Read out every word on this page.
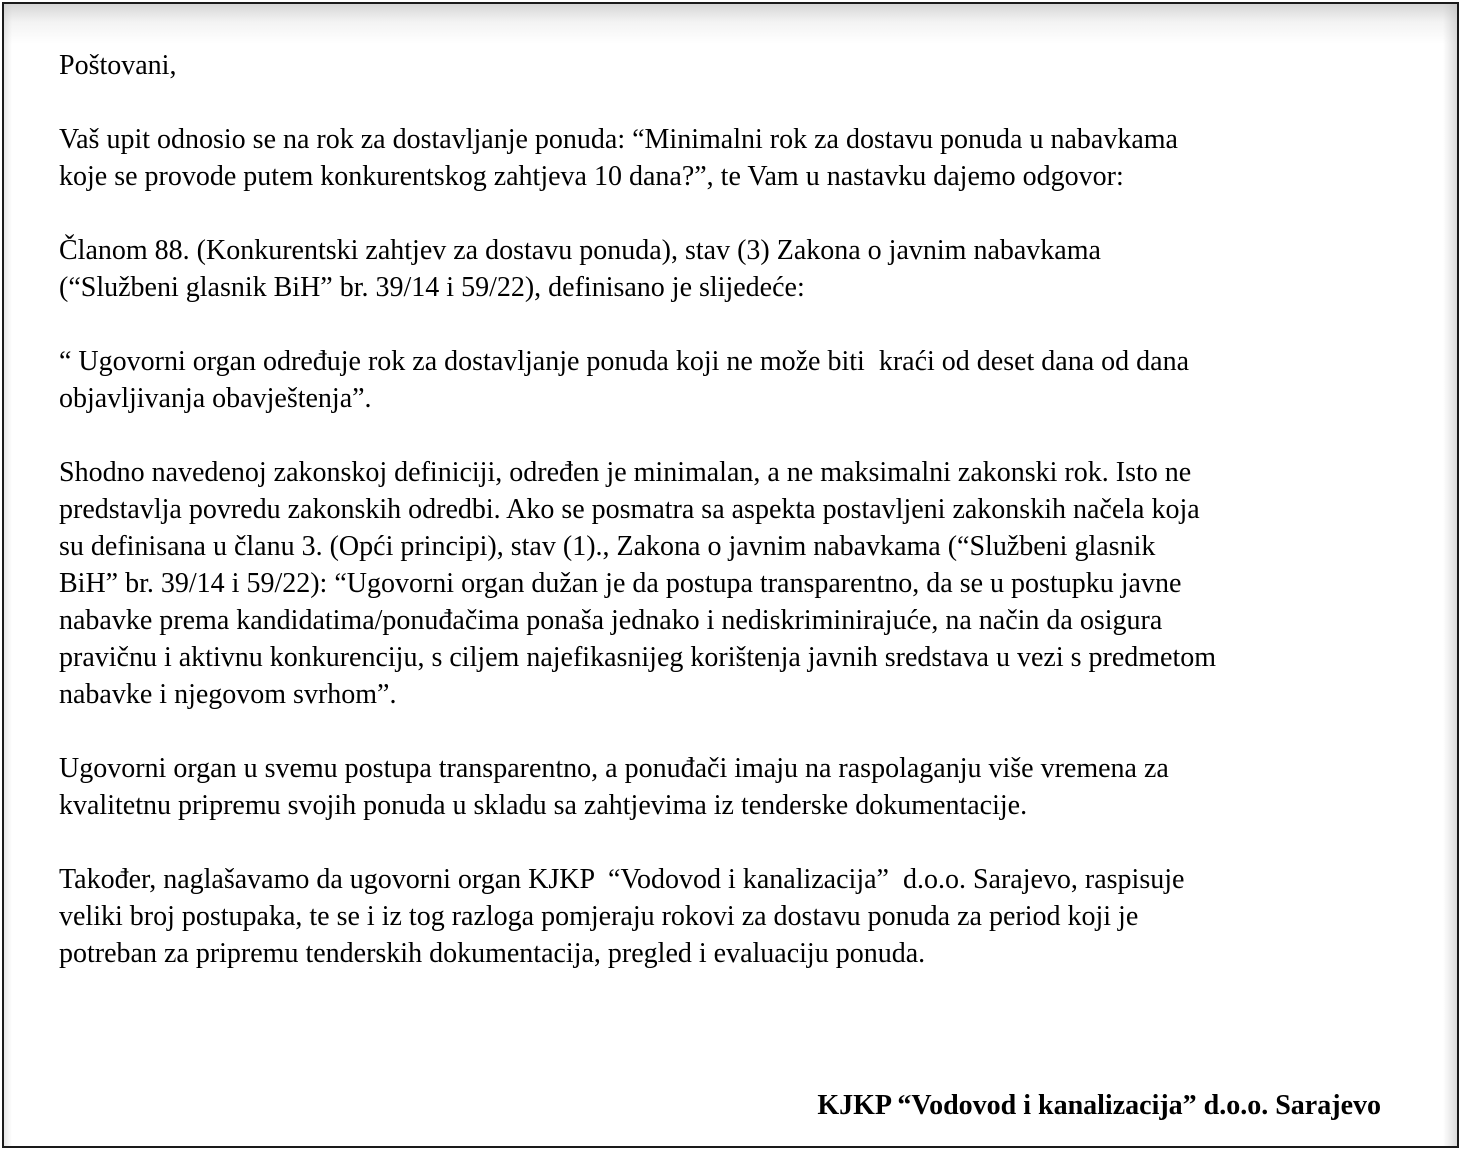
Poštovani,

Vaš upit odnosio se na rok za dostavljanje ponuda: “Minimalni rok za dostavu ponuda u nabavkama
koje se provode putem konkurentskog zahtjeva 10 dana?”, te Vam u nastavku dajemo odgovor:

Članom 88. (Konkurentski zahtjev za dostavu ponuda), stav (3) Zakona o javnim nabavkama
(“Službeni glasnik BiH” br. 39/14 i 59/22), definisano je slijedeće:

“ Ugovorni organ određuje rok za dostavljanje ponuda koji ne može biti  kraći od deset dana od dana
objavljivanja obavještenja”.

Shodno navedenoj zakonskoj definiciji, određen je minimalan, a ne maksimalni zakonski rok. Isto ne
predstavlja povredu zakonskih odredbi. Ako se posmatra sa aspekta postavljeni zakonskih načela koja
su definisana u članu 3. (Opći principi), stav (1)., Zakona o javnim nabavkama (“Službeni glasnik
BiH” br. 39/14 i 59/22): “Ugovorni organ dužan je da postupa transparentno, da se u postupku javne
nabavke prema kandidatima/ponuđačima ponaša jednako i nediskriminirajuće, na način da osigura
pravičnu i aktivnu konkurenciju, s ciljem najefikasnijeg korištenja javnih sredstava u vezi s predmetom
nabavke i njegovom svrhom”.

Ugovorni organ u svemu postupa transparentno, a ponuđači imaju na raspolaganju više vremena za
kvalitetnu pripremu svojih ponuda u skladu sa zahtjevima iz tenderske dokumentacije.

Također, naglašavamo da ugovorni organ KJKP  “Vodovod i kanalizacija”  d.o.o. Sarajevo, raspisuje
veliki broj postupaka, te se i iz tog razloga pomjeraju rokovi za dostavu ponuda za period koji je
potreban za pripremu tenderskih dokumentacija, pregled i evaluaciju ponuda.

KJKP “Vodovod i kanalizacija” d.o.o. Sarajevo
